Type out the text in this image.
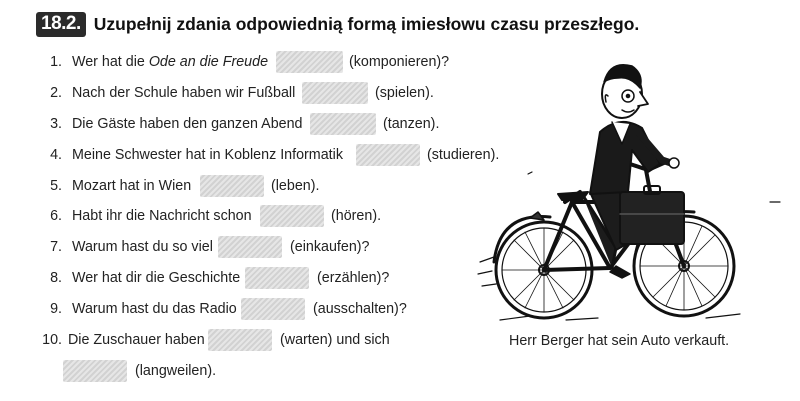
18.2. Uzupełnij zdania odpowiednią formą imiesłowu czasu przeszłego.
1. Wer hat die Ode an die Freude	(komponieren)?
2. Nach der Schule haben wir Fußball	(spielen).
3. Die Gäste haben den ganzen Abend	(tanzen).
4. Meine Schwester hat in Koblenz Informatik	(studieren).
5. Mozart hat in Wien	(leben).
6. Habt ihr die Nachricht schon	(hören).
7. Warum hast du so viel	(einkaufen)?
8. Wer hat dir die Geschichte	(erzählen)?
9. Warum hast du das Radio	(ausschalten)?
10. Die Zuschauer haben	(warten) und sich
(langweilen).
Herr Berger hat sein Auto verkauft.
